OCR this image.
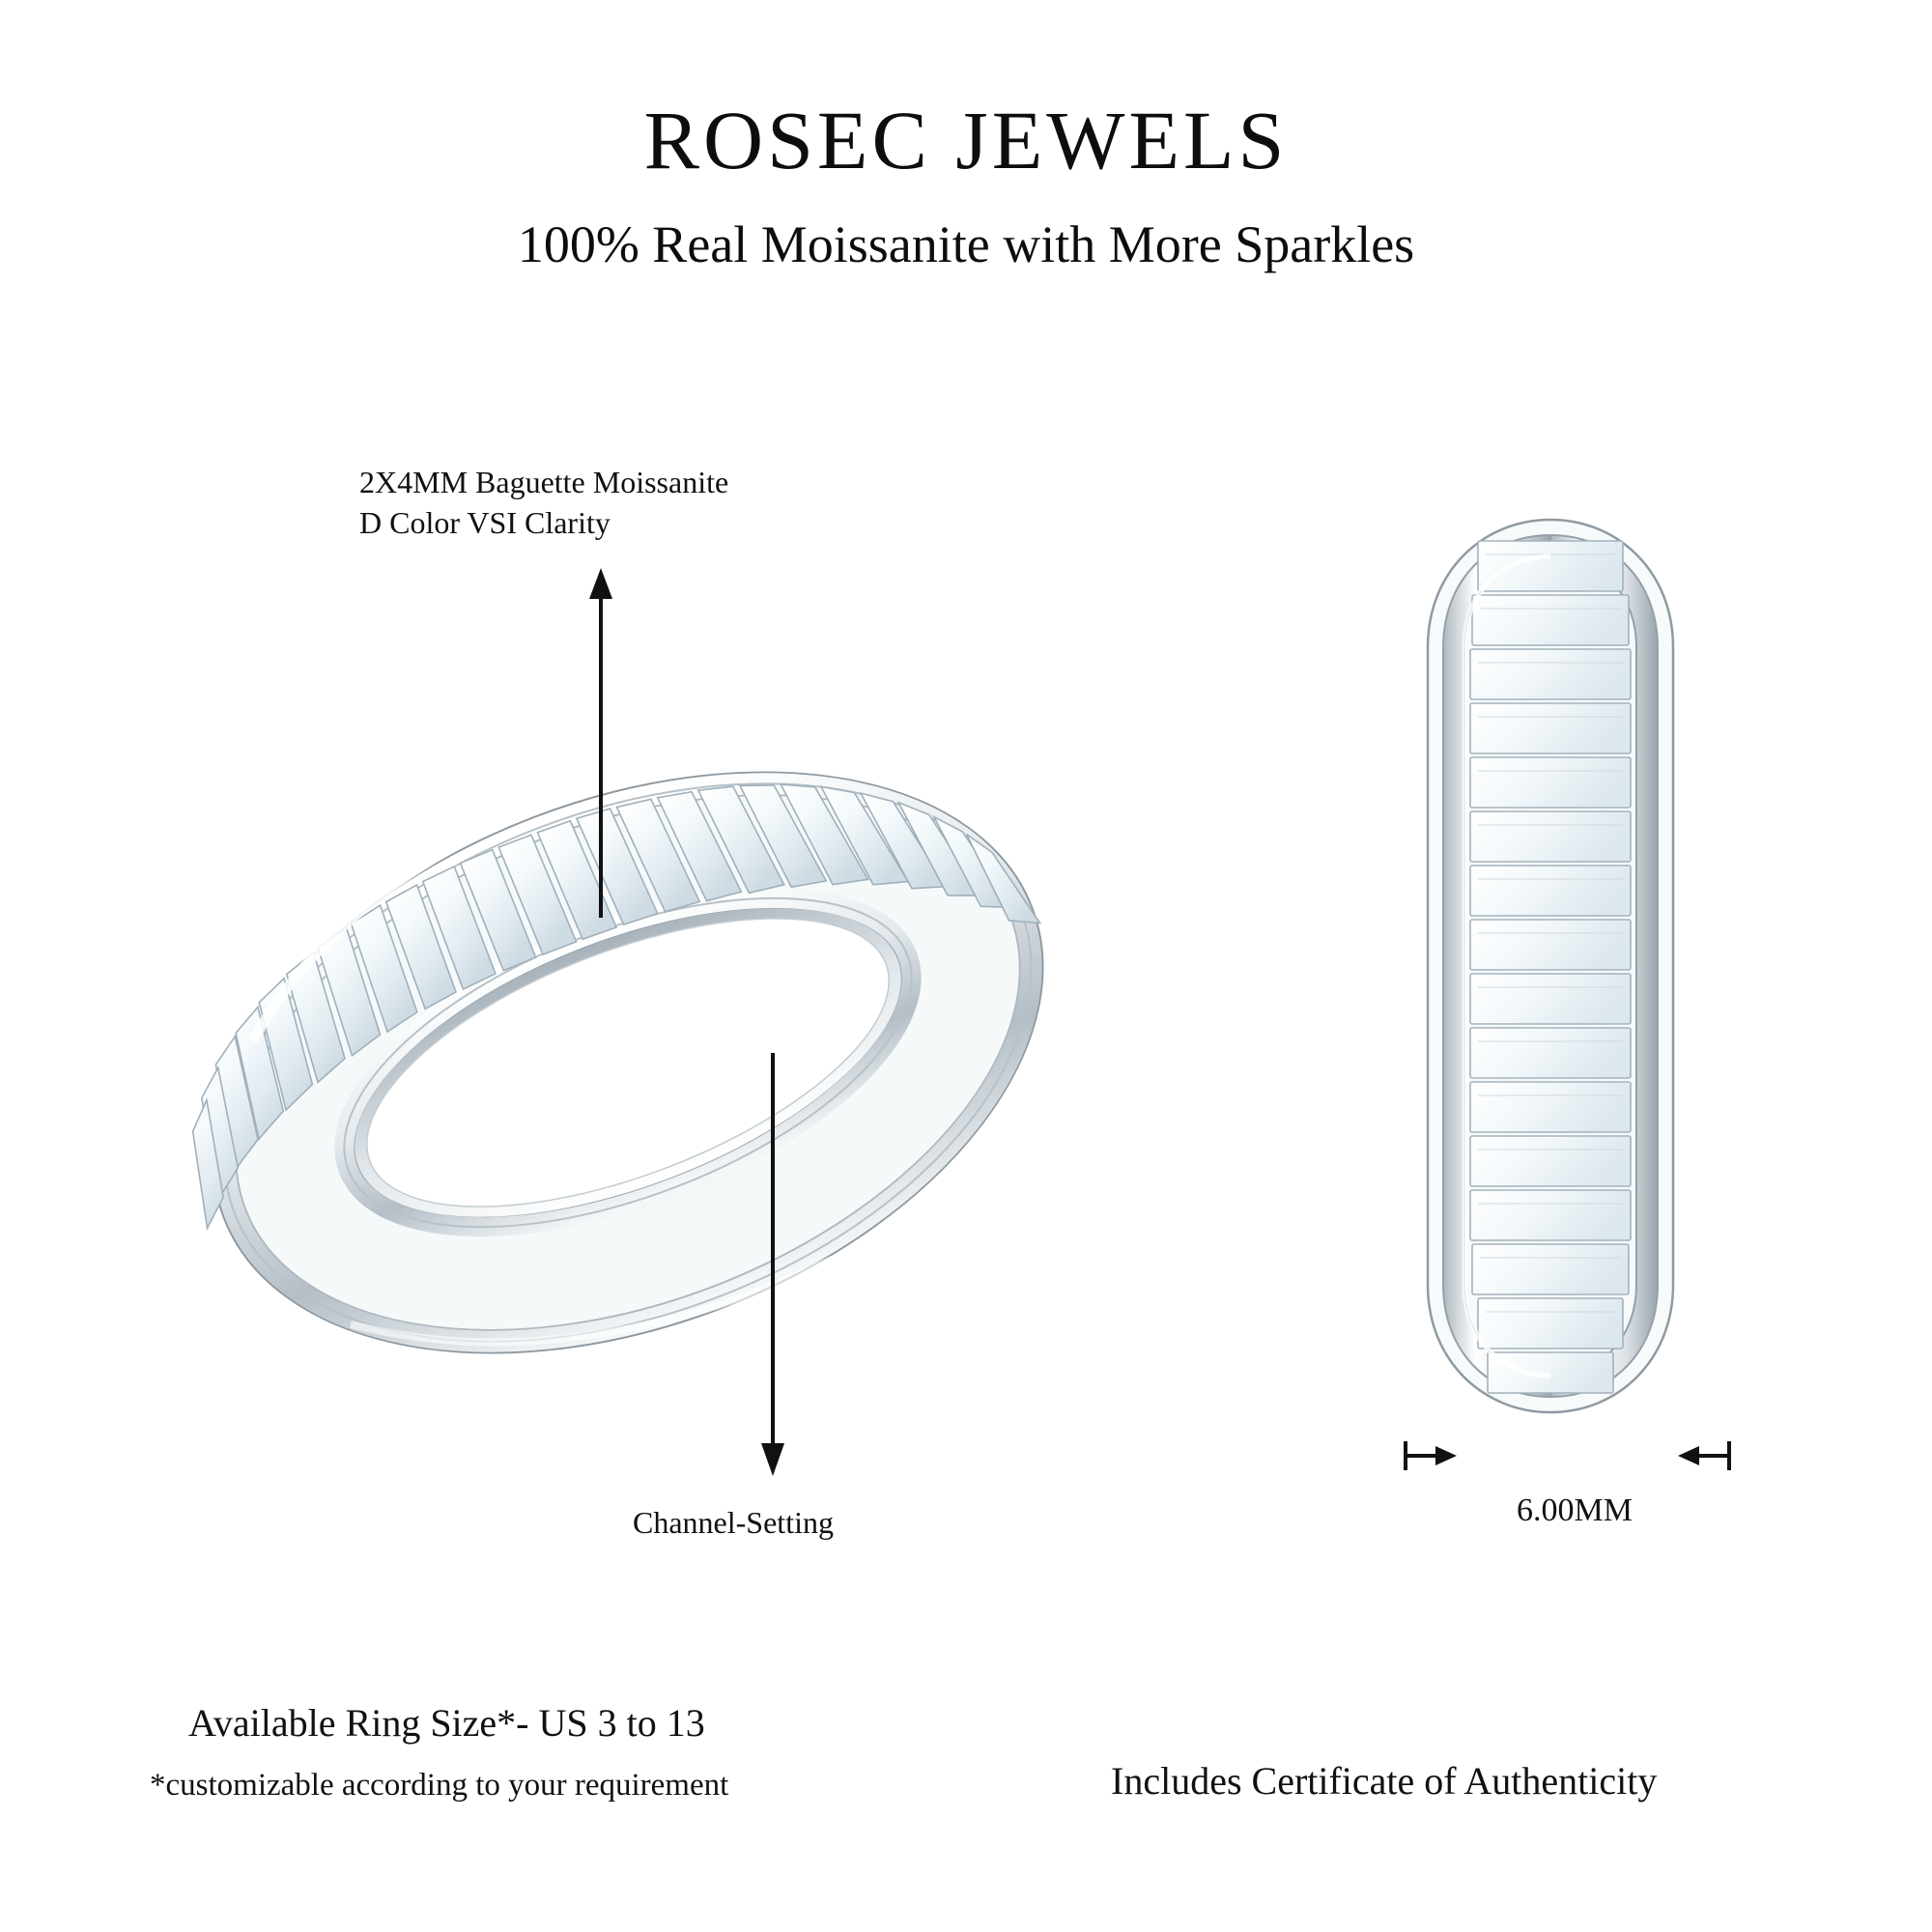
ROSEC JEWELS
100% Real Moissanite with More Sparkles
2X4MM Baguette Moissanite
D Color VSI Clarity
Channel-Setting	6.00MM
Available Ring Size*- US 3 to 13
*customizable according to your requirement	Includes Certificate of Authenticity
